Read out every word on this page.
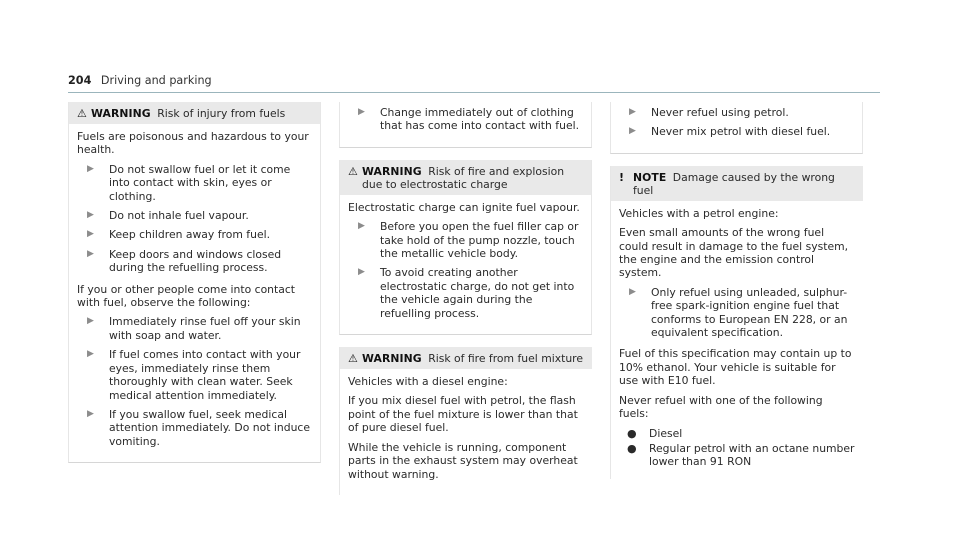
204 Driving and parking
⚠ WARNING Risk of injury from fuels

Fuels are poisonous and hazardous to your health.

▶	Do not swallow fuel or let it come into contact with skin, eyes or clothing.
▶	Do not inhale fuel vapour.
▶	Keep children away from fuel.
▶	Keep doors and windows closed during the refuelling process.

If you or other people come into contact with fuel, observe the following:

▶	Immediately rinse fuel off your skin with soap and water.
▶	If fuel comes into contact with your eyes, immediately rinse them thoroughly with clean water. Seek medical attention immediately.
▶	If you swallow fuel, seek medical attention immediately. Do not induce vomiting.
▶	Change immediately out of clothing that has come into contact with fuel.
⚠ WARNING Risk of fire and explosion due to electrostatic charge

Electrostatic charge can ignite fuel vapour.

▶	Before you open the fuel filler cap or take hold of the pump nozzle, touch the metallic vehicle body.
▶	To avoid creating another electrostatic charge, do not get into the vehicle again during the refuelling process.
⚠ WARNING Risk of fire from fuel mixture

Vehicles with a diesel engine:

If you mix diesel fuel with petrol, the flash point of the fuel mixture is lower than that of pure diesel fuel.

While the vehicle is running, component parts in the exhaust system may overheat without warning.

▶	Never refuel using petrol.
▶	Never mix petrol with diesel fuel.
! NOTE Damage caused by the wrong fuel

Vehicles with a petrol engine:

Even small amounts of the wrong fuel could result in damage to the fuel system, the engine and the emission control system.

▶	Only refuel using unleaded, sulphur-free spark-ignition engine fuel that conforms to European EN 228, or an equivalent specification.

Fuel of this specification may contain up to 10% ethanol. Your vehicle is suitable for use with E10 fuel.

Never refuel with one of the following fuels:

●	Diesel
●	Regular petrol with an octane number lower than 91 RON
